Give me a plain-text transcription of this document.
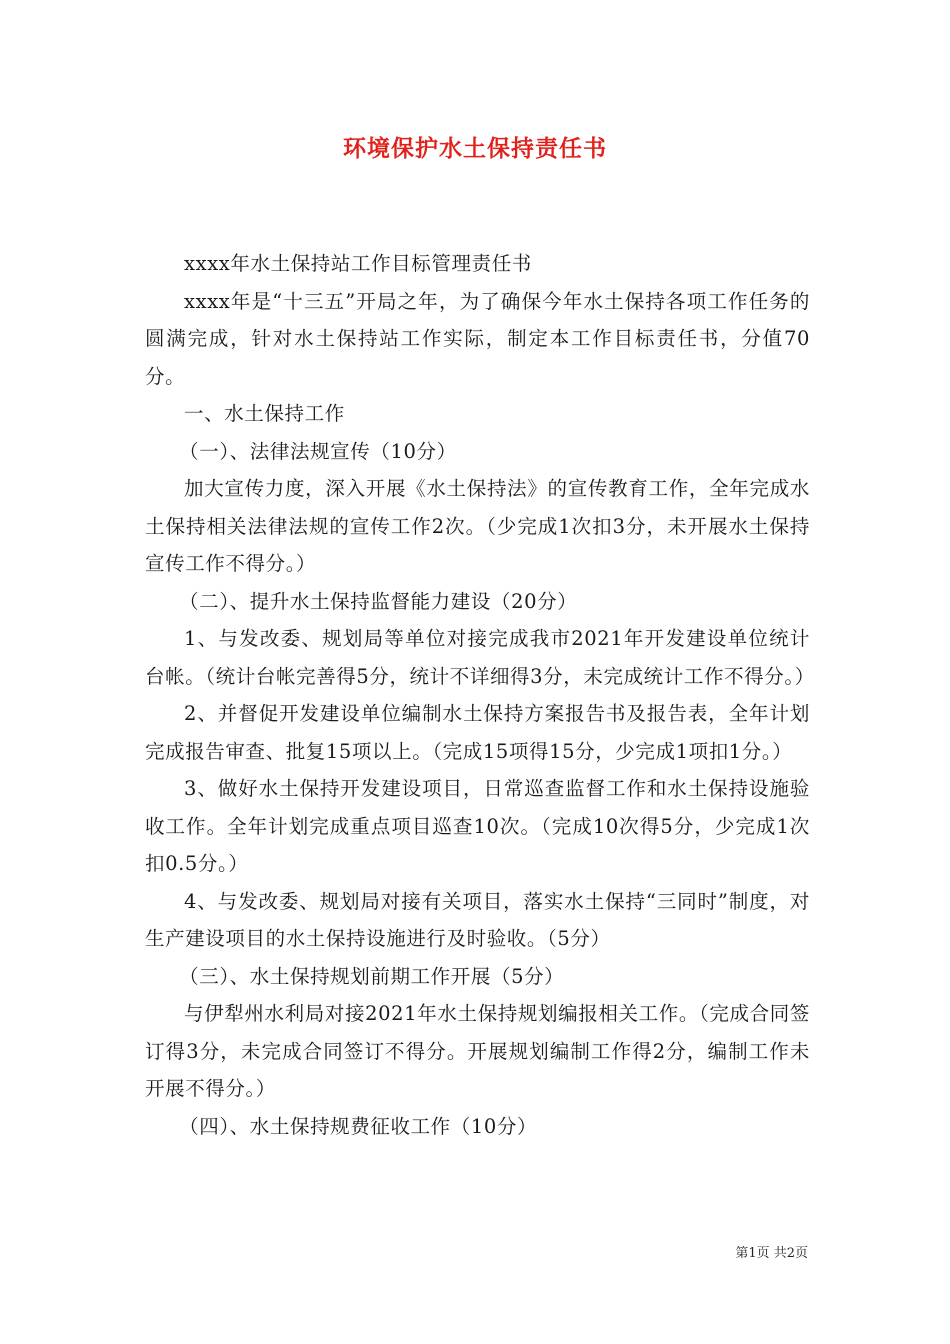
环境保护水土保持责任书

xxxx年水土保持站工作目标管理责任书

xxxx年是“十三五”开局之年，为了确保今年水土保持各项工作任务的圆满完成，针对水土保持站工作实际，制定本工作目标责任书，分值70分。

一、水土保持工作

（一）、法律法规宣传（10分）

加大宣传力度，深入开展《水土保持法》的宣传教育工作，全年完成水土保持相关法律法规的宣传工作2次。（少完成1次扣3分，未开展水土保持宣传工作不得分。）

（二）、提升水土保持监督能力建设（20分）

1、与发改委、规划局等单位对接完成我市2021年开发建设单位统计台帐。（统计台帐完善得5分，统计不详细得3分，未完成统计工作不得分。）

2、并督促开发建设单位编制水土保持方案报告书及报告表，全年计划完成报告审查、批复15项以上。（完成15项得15分，少完成1项扣1分。）

3、做好水土保持开发建设项目，日常巡查监督工作和水土保持设施验收工作。全年计划完成重点项目巡查10次。（完成10次得5分，少完成1次扣0.5分。）

4、与发改委、规划局对接有关项目，落实水土保持“三同时”制度，对生产建设项目的水土保持设施进行及时验收。（5分）

（三）、水土保持规划前期工作开展（5分）

与伊犁州水利局对接2021年水土保持规划编报相关工作。（完成合同签订得3分，未完成合同签订不得分。开展规划编制工作得2分，编制工作未开展不得分。）

（四）、水土保持规费征收工作（10分）

第1页 共2页
